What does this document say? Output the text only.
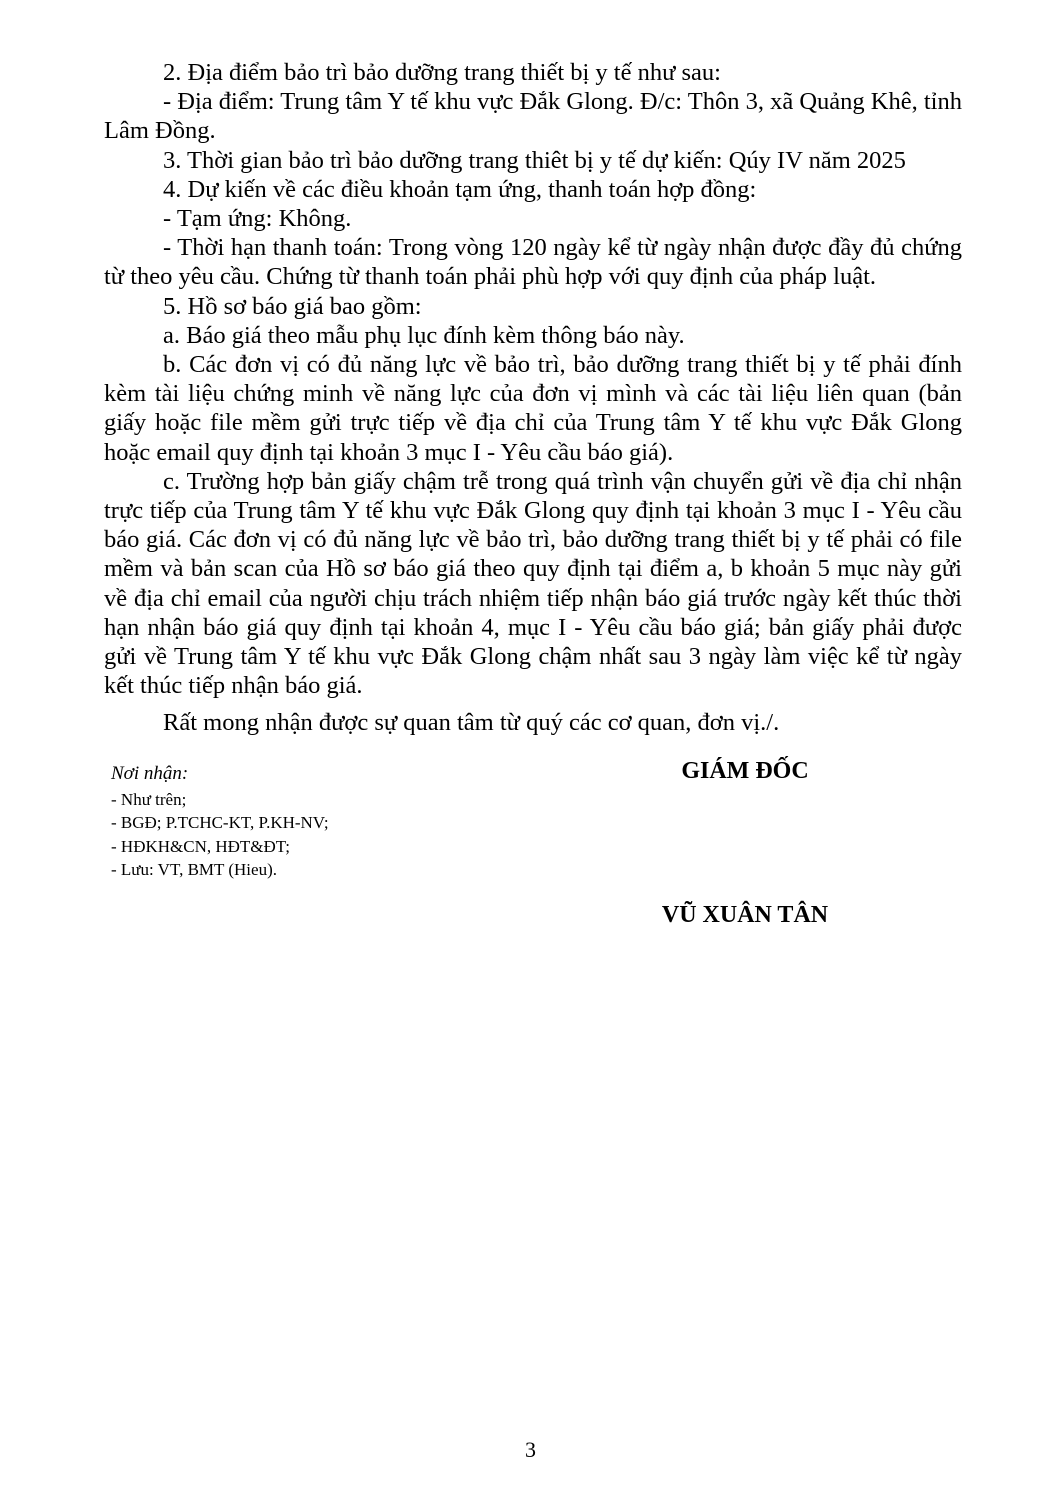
2. Địa điểm bảo trì bảo dưỡng trang thiết bị y tế như sau:

- Địa điểm: Trung tâm Y tế khu vực Đắk Glong. Đ/c: Thôn 3, xã Quảng Khê, tỉnh Lâm Đồng.

3. Thời gian bảo trì bảo dưỡng trang thiêt bị y tế dự kiến: Qúy IV năm 2025

4. Dự kiến về các điều khoản tạm ứng, thanh toán hợp đồng:

- Tạm ứng: Không.

- Thời hạn thanh toán: Trong vòng 120 ngày kể từ ngày nhận được đầy đủ chứng từ theo yêu cầu. Chứng từ thanh toán phải phù hợp với quy định của pháp luật.

5. Hồ sơ báo giá bao gồm:

a. Báo giá theo mẫu phụ lục đính kèm thông báo này.

b. Các đơn vị có đủ năng lực về bảo trì, bảo dưỡng trang thiết bị y tế phải đính kèm tài liệu chứng minh về năng lực của đơn vị mình và các tài liệu liên quan (bản giấy hoặc file mềm gửi trực tiếp về địa chỉ của Trung tâm Y tế khu vực Đắk Glong hoặc email quy định tại khoản 3 mục I - Yêu cầu báo giá).

c. Trường hợp bản giấy chậm trễ trong quá trình vận chuyển gửi về địa chỉ nhận trực tiếp của Trung tâm Y tế khu vực Đắk Glong quy định tại khoản 3 mục I - Yêu cầu báo giá. Các đơn vị có đủ năng lực về bảo trì, bảo dưỡng trang thiết bị y tế phải có file mềm và bản scan của Hồ sơ báo giá theo quy định tại điểm a, b khoản 5 mục này gửi về địa chỉ email của người chịu trách nhiệm tiếp nhận báo giá trước ngày kết thúc thời hạn nhận báo giá quy định tại khoản 4, mục I - Yêu cầu báo giá; bản giấy phải được gửi về Trung tâm Y tế khu vực Đắk Glong chậm nhất sau 3 ngày làm việc kể từ ngày kết thúc tiếp nhận báo giá.

Rất mong nhận được sự quan tâm từ quý các cơ quan, đơn vị./.

Nơi nhận:
- Như trên;
- BGĐ; P.TCHC-KT, P.KH-NV;
- HĐKH&CN, HĐT&ĐT;
- Lưu: VT, BMT (Hieu).
GIÁM ĐỐC
VŨ XUÂN TÂN
3
